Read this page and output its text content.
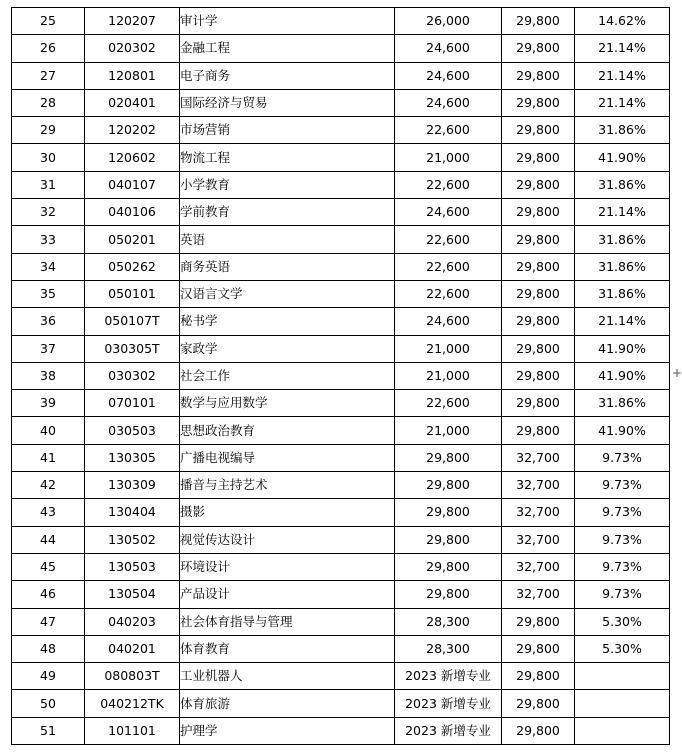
25	120207	审计学	26,000	29,800	14.62%
26	020302	金融工程	24,600	29,800	21.14%
27	120801	电子商务	24,600	29,800	21.14%
28	020401	国际经济与贸易	24,600	29,800	21.14%
29	120202	市场营销	22,600	29,800	31.86%
30	120602	物流工程	21,000	29,800	41.90%
31	040107	小学教育	22,600	29,800	31.86%
32	040106	学前教育	24,600	29,800	21.14%
33	050201	英语	22,600	29,800	31.86%
34	050262	商务英语	22,600	29,800	31.86%
35	050101	汉语言文学	22,600	29,800	31.86%
36	050107T	秘书学	24,600	29,800	21.14%
37	030305T	家政学	21,000	29,800	41.90%
38	030302	社会工作	21,000	29,800	41.90%
39	070101	数学与应用数学	22,600	29,800	31.86%
40	030503	思想政治教育	21,000	29,800	41.90%
41	130305	广播电视编导	29,800	32,700	9.73%
42	130309	播音与主持艺术	29,800	32,700	9.73%
43	130404	摄影	29,800	32,700	9.73%
44	130502	视觉传达设计	29,800	32,700	9.73%
45	130503	环境设计	29,800	32,700	9.73%
46	130504	产品设计	29,800	32,700	9.73%
47	040203	社会体育指导与管理	28,300	29,800	5.30%
48	040201	体育教育	28,300	29,800	5.30%
49	080803T	工业机器人	2023 新增专业	29,800	
50	040212TK	体育旅游	2023 新增专业	29,800	
51	101101	护理学	2023 新增专业	29,800	
+
